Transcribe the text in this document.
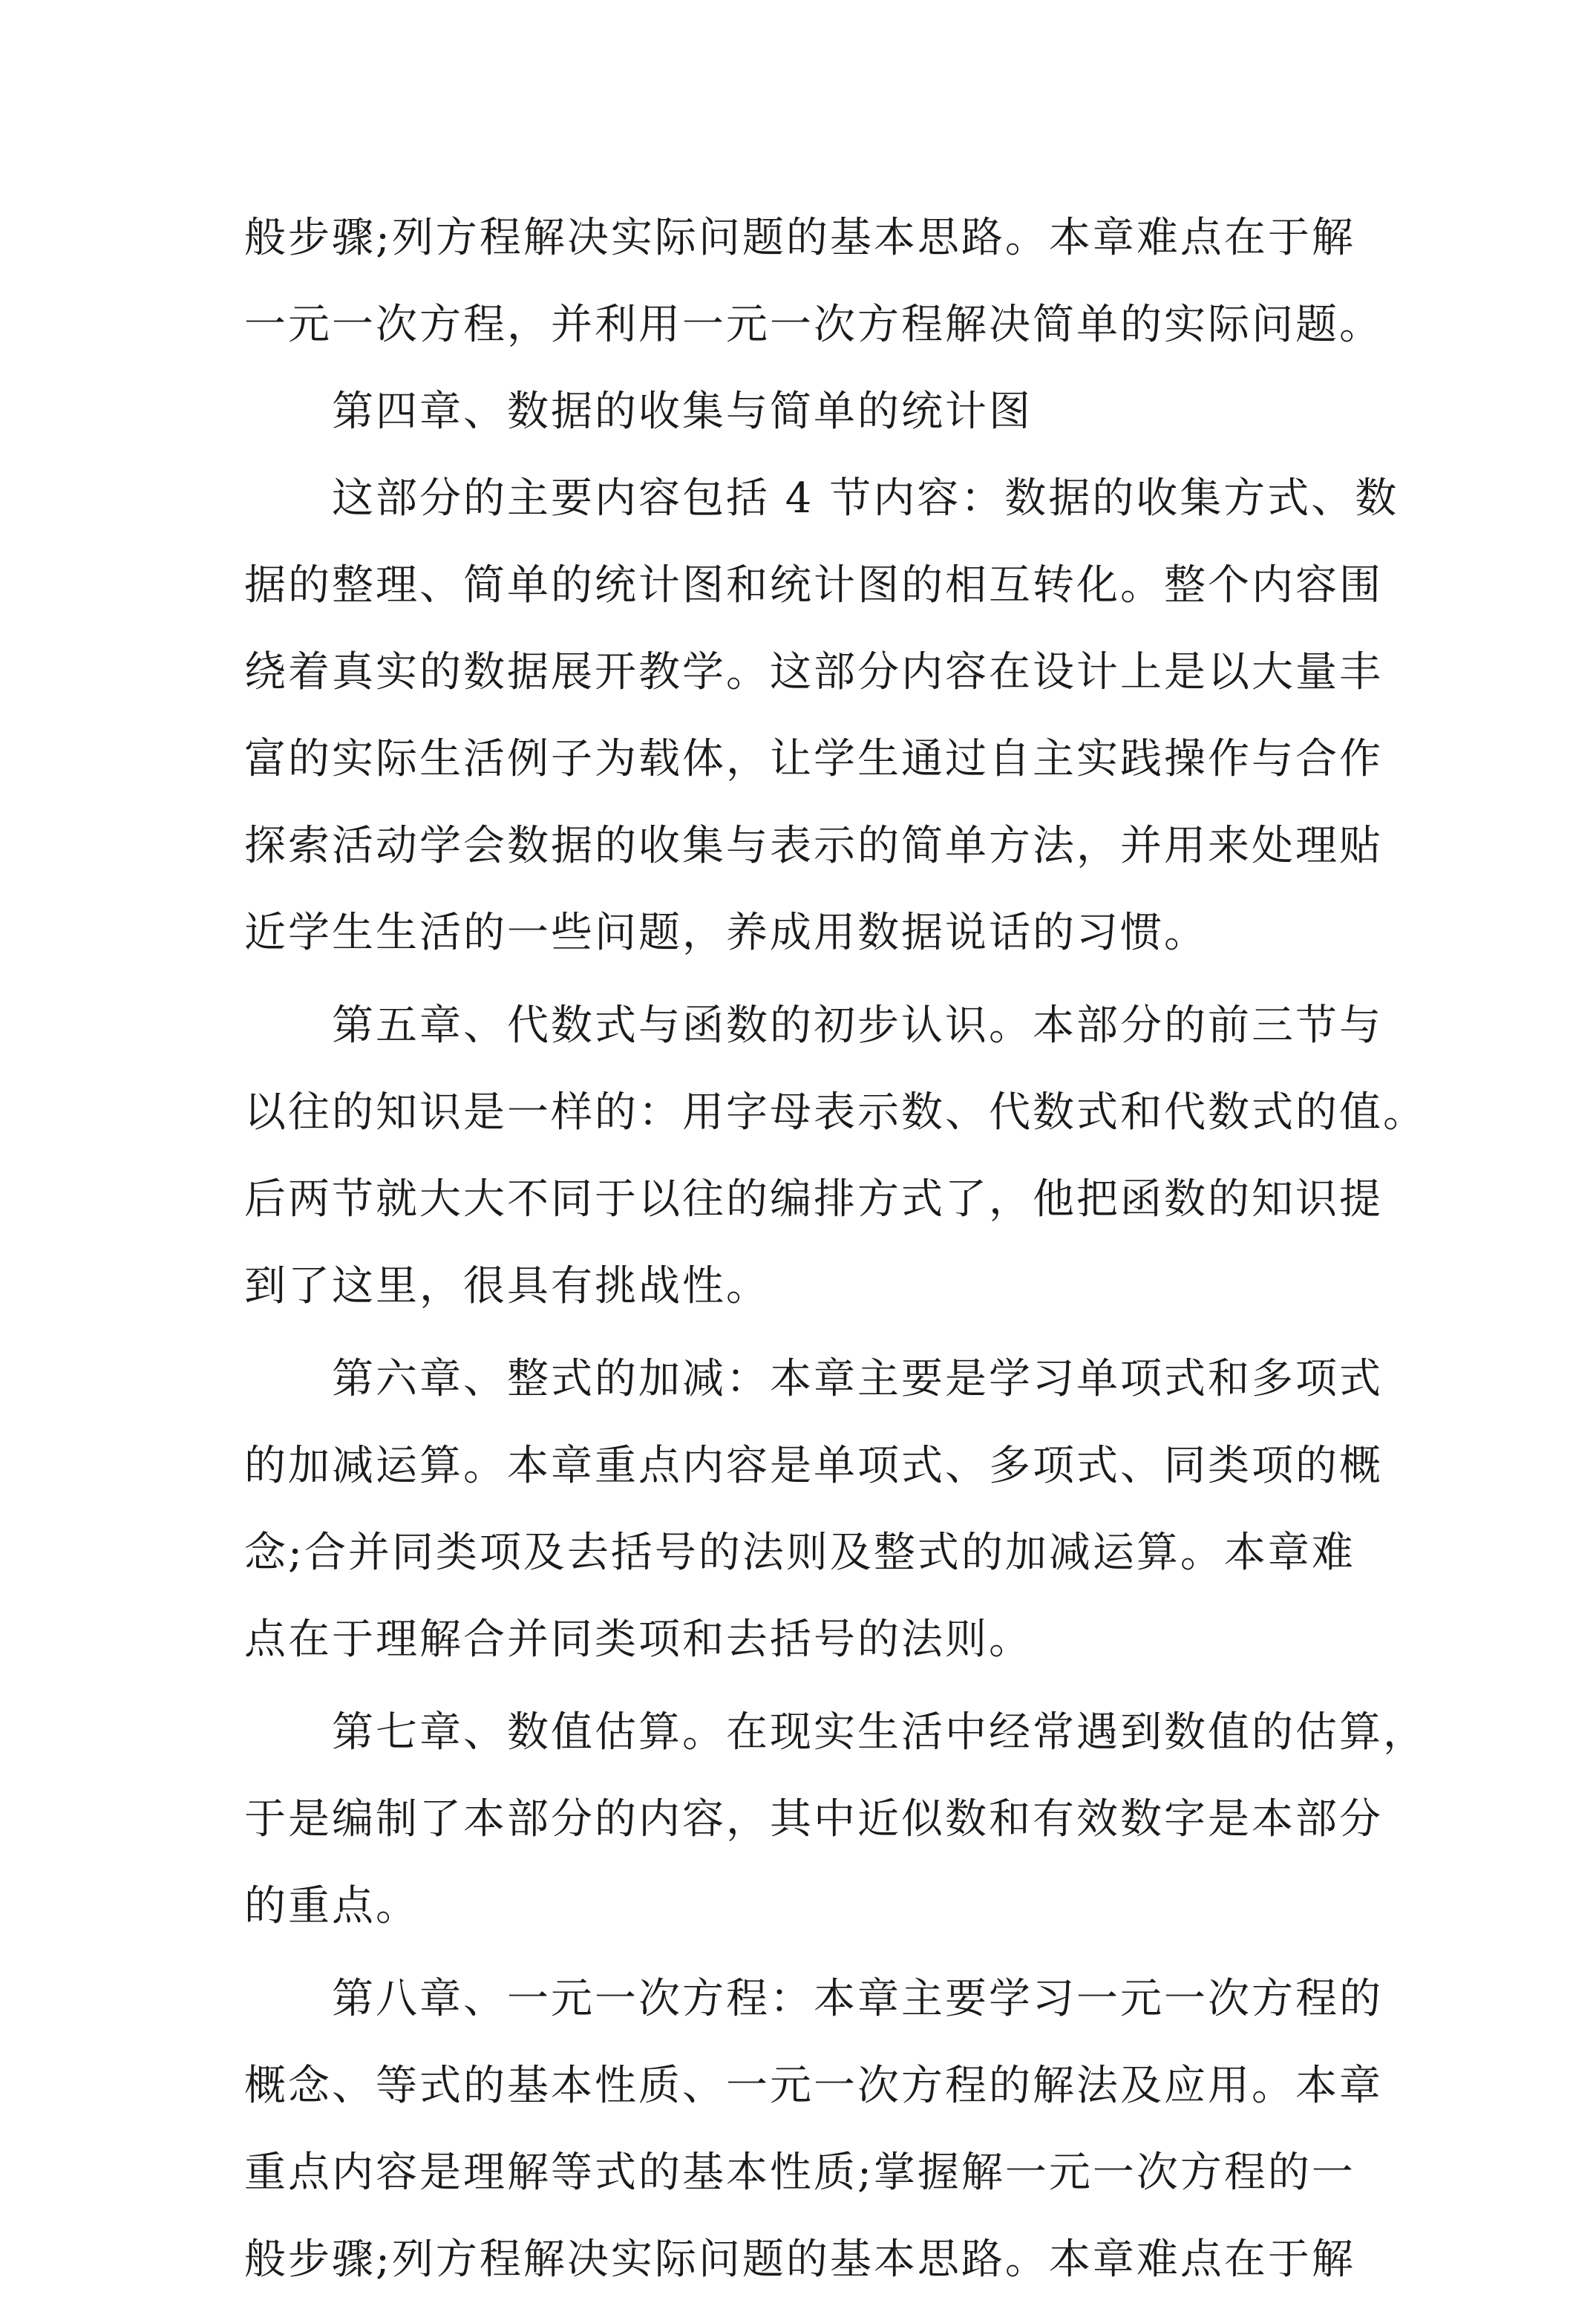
般步骤;列方程解决实际问题的基本思路。本章难点在于解
一元一次方程，并利用一元一次方程解决简单的实际问题。
第四章、数据的收集与简单的统计图
这部分的主要内容包括 4 节内容：数据的收集方式、数
据的整理、简单的统计图和统计图的相互转化。整个内容围
绕着真实的数据展开教学。这部分内容在设计上是以大量丰
富的实际生活例子为载体，让学生通过自主实践操作与合作
探索活动学会数据的收集与表示的简单方法，并用来处理贴
近学生生活的一些问题，养成用数据说话的习惯。
第五章、代数式与函数的初步认识。本部分的前三节与
以往的知识是一样的：用字母表示数、代数式和代数式的值。
后两节就大大不同于以往的编排方式了，他把函数的知识提
到了这里，很具有挑战性。
第六章、整式的加减：本章主要是学习单项式和多项式
的加减运算。本章重点内容是单项式、多项式、同类项的概
念;合并同类项及去括号的法则及整式的加减运算。本章难
点在于理解合并同类项和去括号的法则。
第七章、数值估算。在现实生活中经常遇到数值的估算，
于是编制了本部分的内容，其中近似数和有效数字是本部分
的重点。
第八章、一元一次方程：本章主要学习一元一次方程的
概念、等式的基本性质、一元一次方程的解法及应用。本章
重点内容是理解等式的基本性质;掌握解一元一次方程的一
般步骤;列方程解决实际问题的基本思路。本章难点在于解
